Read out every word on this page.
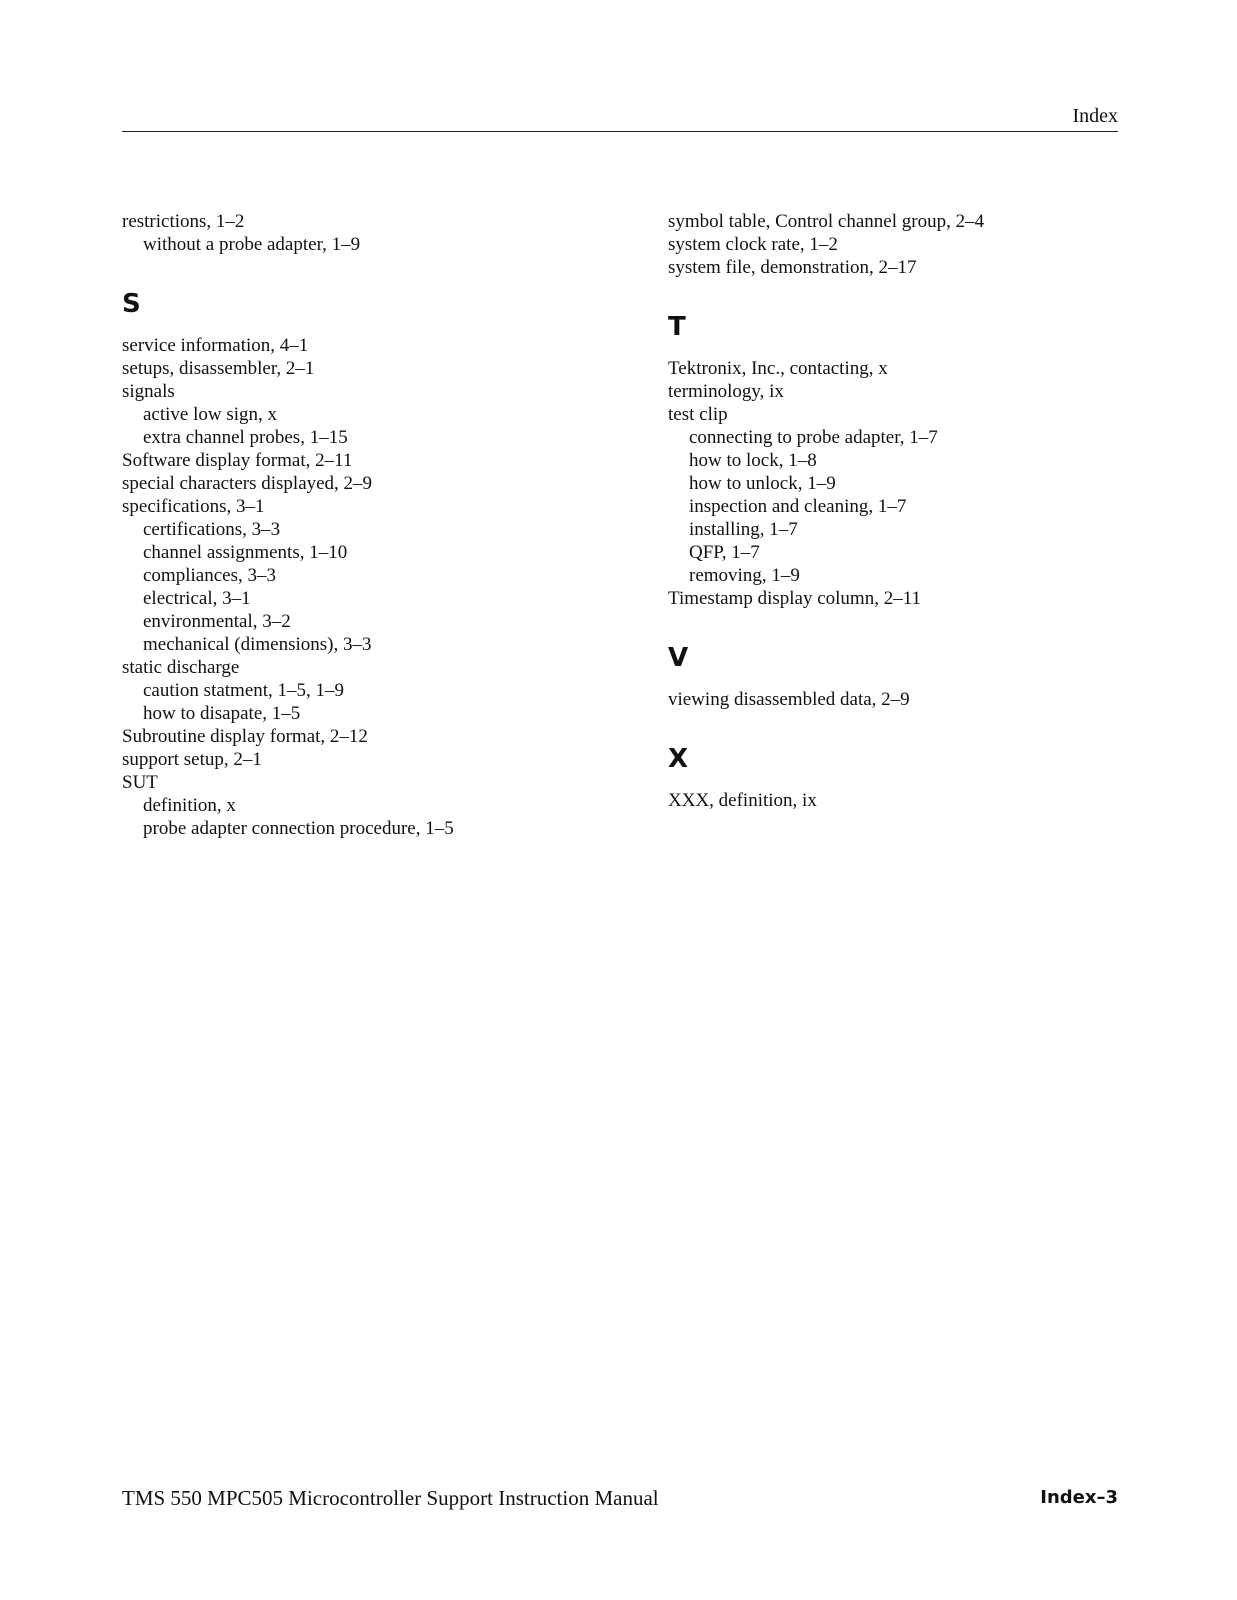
Index
restrictions, 1–2
without a probe adapter, 1–9
S
service information, 4–1
setups, disassembler, 2–1
signals
active low sign, x
extra channel probes, 1–15
Software display format, 2–11
special characters displayed, 2–9
specifications, 3–1
certifications, 3–3
channel assignments, 1–10
compliances, 3–3
electrical, 3–1
environmental, 3–2
mechanical (dimensions), 3–3
static discharge
caution statment, 1–5, 1–9
how to disapate, 1–5
Subroutine display format, 2–12
support setup, 2–1
SUT
definition, x
probe adapter connection procedure, 1–5
symbol table, Control channel group, 2–4
system clock rate, 1–2
system file, demonstration, 2–17
T
Tektronix, Inc., contacting, x
terminology, ix
test clip
connecting to probe adapter, 1–7
how to lock, 1–8
how to unlock, 1–9
inspection and cleaning, 1–7
installing, 1–7
QFP, 1–7
removing, 1–9
Timestamp display column, 2–11
V
viewing disassembled data, 2–9
X
XXX, definition, ix
TMS 550 MPC505 Microcontroller Support Instruction Manual	Index–3
